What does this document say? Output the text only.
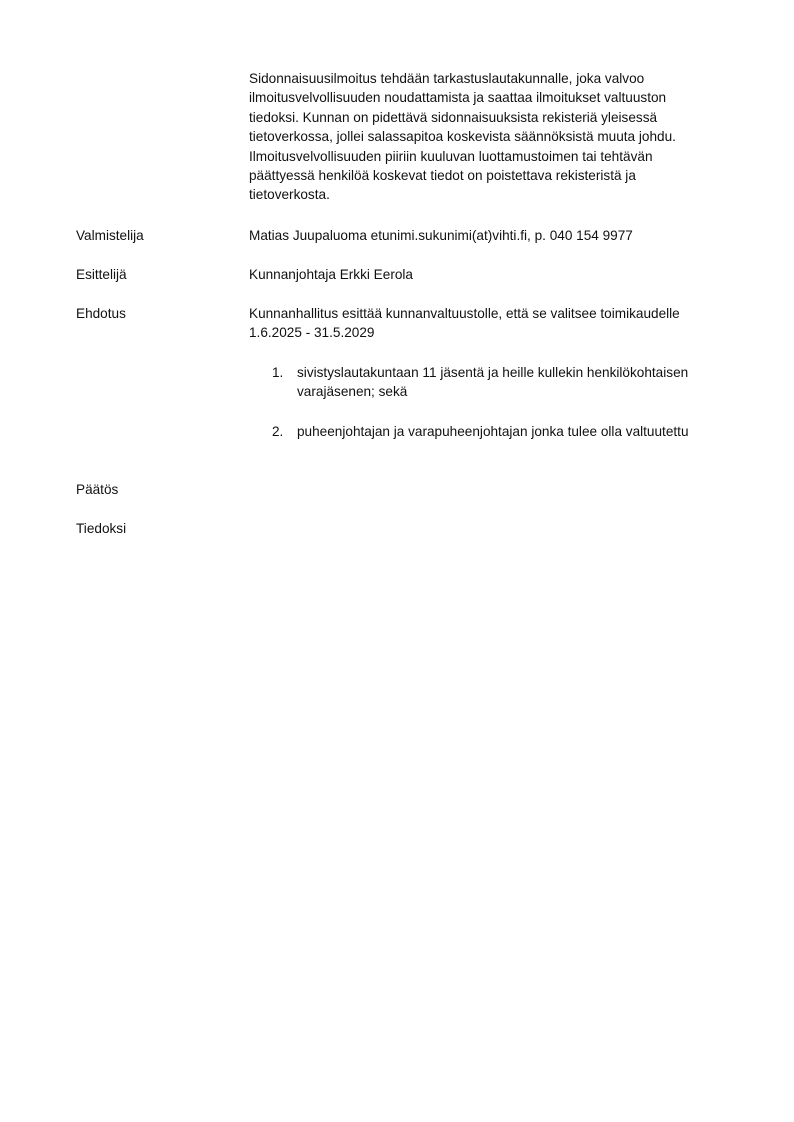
Sidonnaisuusilmoitus tehdään tarkastuslautakunnalle, joka valvoo
ilmoitusvelvollisuuden noudattamista ja saattaa ilmoitukset valtuuston
tiedoksi. Kunnan on pidettävä sidonnaisuuksista rekisteriä yleisessä
tietoverkossa, jollei salassapitoa koskevista säännöksistä muuta johdu.
Ilmoitusvelvollisuuden piiriin kuuluvan luottamustoimen tai tehtävän
päättyessä henkilöä koskevat tiedot on poistettava rekisteristä ja
tietoverkosta.

Valmistelija	Matias Juupaluoma etunimi.sukunimi(at)vihti.fi, p. 040 154 9977

Esittelijä	Kunnanjohtaja Erkki Eerola

Ehdotus	Kunnanhallitus esittää kunnanvaltuustolle, että se valitsee toimikaudelle
1.6.2025 - 31.5.2029

1. sivistyslautakuntaan 11 jäsentä ja heille kullekin henkilökohtaisen
varajäsenen; sekä
2. puheenjohtajan ja varapuheenjohtajan jonka tulee olla valtuutettu

Päätös

Tiedoksi
